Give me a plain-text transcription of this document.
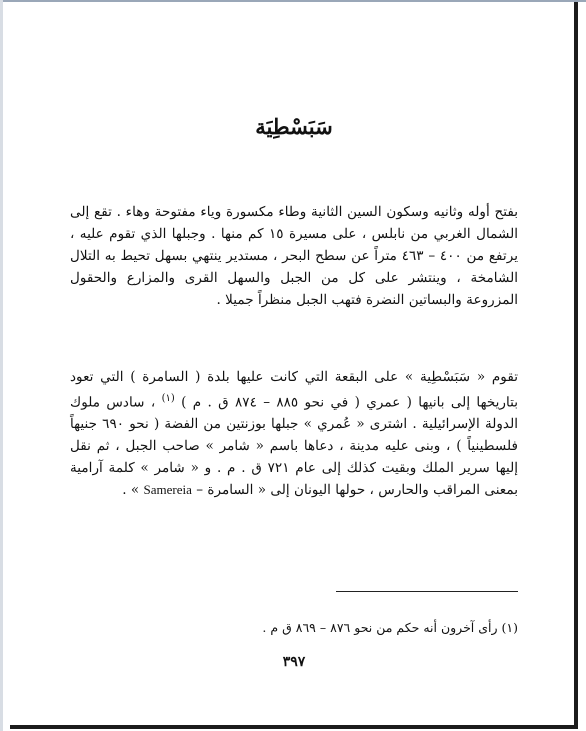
سَبَسْطِيَة

بفتح أوله وثانيه وسكون السين الثانية وطاء مكسورة وياء مفتوحة وهاء . تقع إلى الشمال الغربي من نابلس ، على مسيرة ١٥ كم منها . وجبلها الذي تقوم عليه ، يرتفع من ٤٠٠ – ٤٦٣ متراً عن سطح البحر ، مستدير ينتهي بسهل تحيط به التلال الشامخة ، وينتشر على كل من الجبل والسهل القرى والمزارع والحقول المزروعة والبساتين النضرة فتهب الجبل منظراً جميلا .

تقوم « سَبَسْطِية » على البقعة التي كانت عليها بلدة ( السامرة ) التي تعود بتاريخها إلى بانيها ( عمري ( في نحو ٨٨٥ – ٨٧٤ ق . م ) $^{(١)}$ ، سادس ملوك الدولة الإسرائيلية . اشترى « عُمري » جبلها بوزنتين من الفضة ( نحو ٦٩٠ جنيهاً فلسطينياً ) ، وبنى عليه مدينة ، دعاها باسم « شامر » صاحب الجبل ، ثم نقل إليها سرير الملك وبقيت كذلك إلى عام ٧٢١ ق . م . و « شامر » كلمة آرامية بمعنى المراقب والحارس ، حولها اليونان إلى « السامرة – Samereia » .

(١) رأى آخرون أنه حكم من نحو ٨٧٦ – ٨٦٩ ق م .
٣٩٧
